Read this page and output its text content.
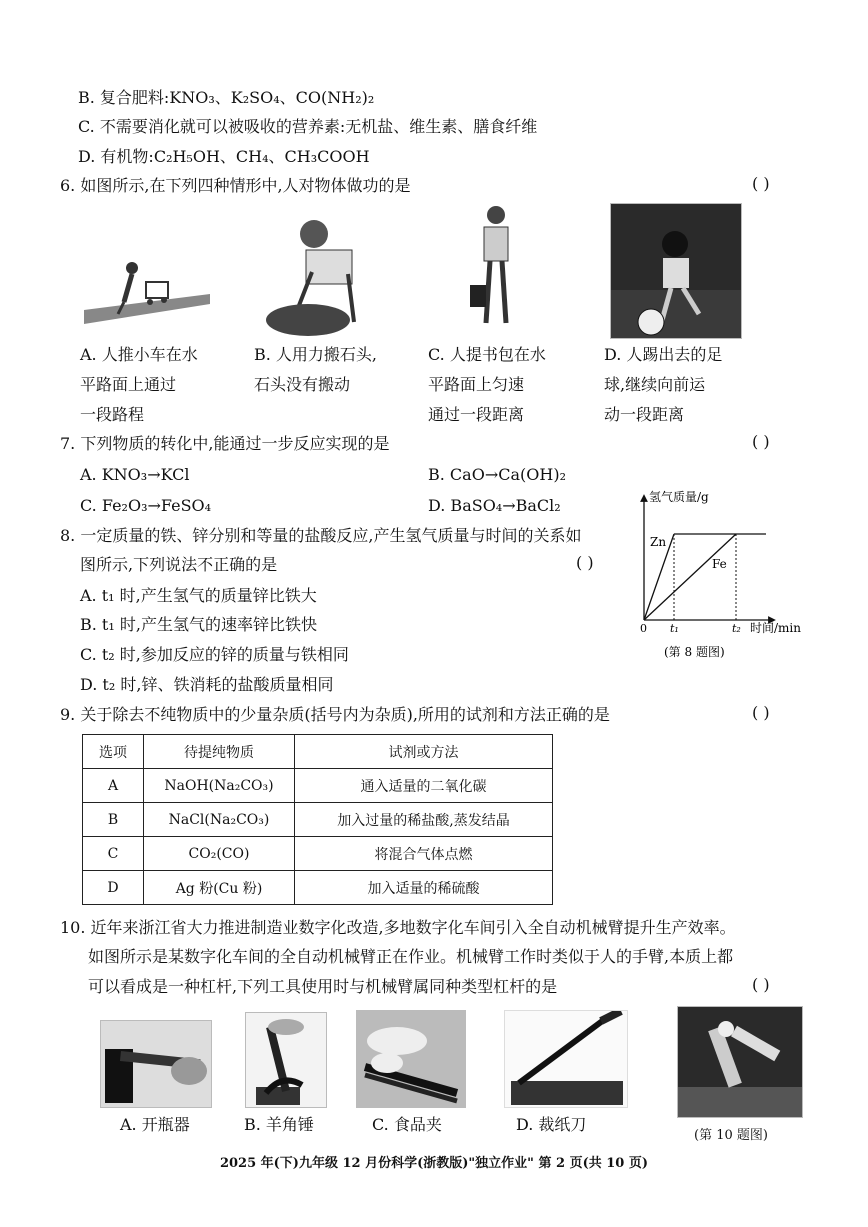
B. 复合肥料:KNO₃、K₂SO₄、CO(NH₂)₂
C. 不需要消化就可以被吸收的营养素:无机盐、维生素、膳食纤维
D. 有机物:C₂H₅OH、CH₄、CH₃COOH
6. 如图所示,在下列四种情形中,人对物体做功的是	( )
A. 人推小车在水
平路面上通过
一段路程
B. 人用力搬石头,
石头没有搬动
C. 人提书包在水
平路面上匀速
通过一段距离
D. 人踢出去的足
球,继续向前运
动一段距离
7. 下列物质的转化中,能通过一步反应实现的是	( )
A. KNO₃→KCl	B. CaO→Ca(OH)₂
C. Fe₂O₃→FeSO₄	D. BaSO₄→BaCl₂
8. 一定质量的铁、锌分别和等量的盐酸反应,产生氢气质量与时间的关系如
图所示,下列说法不正确的是	( )
A. t₁ 时,产生氢气的质量锌比铁大
B. t₁ 时,产生氢气的速率锌比铁快
C. t₂ 时,参加反应的锌的质量与铁相同
D. t₂ 时,锌、铁消耗的盐酸质量相同
氢气质量/g
时间/min
0 t₁	t₂
Zn
Fe
(第 8 题图)
9. 关于除去不纯物质中的少量杂质(括号内为杂质),所用的试剂和方法正确的是	( )
选项	待提纯物质	试剂或方法
A	NaOH(Na₂CO₃)	通入适量的二氧化碳
B	NaCl(Na₂CO₃)	加入过量的稀盐酸,蒸发结晶
C	CO₂(CO)	将混合气体点燃
D	Ag 粉(Cu 粉)	加入适量的稀硫酸
10. 近年来浙江省大力推进制造业数字化改造,多地数字化车间引入全自动机械臂提升生产效率。
如图所示是某数字化车间的全自动机械臂正在作业。机械臂工作时类似于人的手臂,本质上都
可以看成是一种杠杆,下列工具使用时与机械臂属同种类型杠杆的是	( )
A. 开瓶器	B. 羊角锤	C. 食品夹	D. 裁纸刀
(第 10 题图)
2025 年(下)九年级 12 月份科学(浙教版)"独立作业" 第 2 页(共 10 页)
